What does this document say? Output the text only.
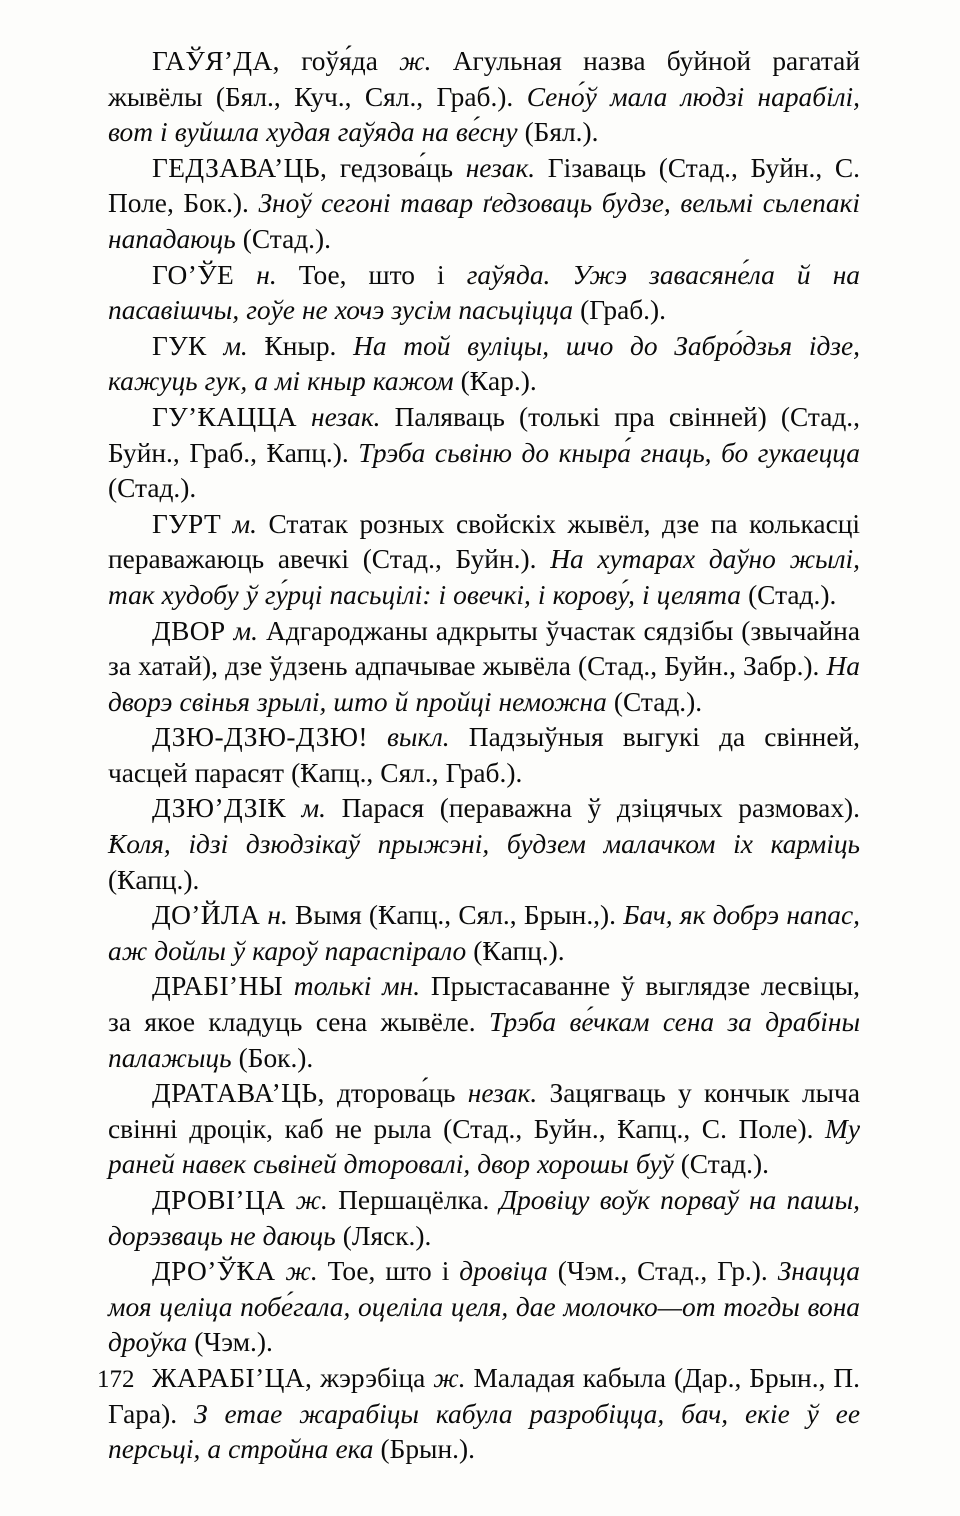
ГАЎЯ’ДА, гоўя́да ж. Агульная назва буйной рагатай жывёлы (Бял., Куч., Сял., Граб.). Сено́ў мала людзі нарабілі, вот і вуйшла худая гаўяда на ве́сну (Бял.).

ГЕДЗАВА’ЦЬ, гедзова́ць незак. Гізаваць (Стад., Буйн., С. Поле, Бок.). Зноў сегоні тавар ґедзоваць будзе, вельмі сьлепакі нападаюць (Стад.).

ГО’ЎЕ н. Тое, што і гаўяда. Ужэ завасяне́ла й на пасавішчы, гоўе не хочэ зусім пасьціцца (Граб.).

ГУК м. Ҟныр. На той вуліцы, шчо до Забро́дзья ідзе, кажуць гук, а мі кныр кажом (Ҟар.).

ГУ’ҞАЦЦА незак. Паляваць (толькі пра свінней) (Стад., Буйн., Граб., Ҟапц.). Трэба сьвіню до кныра́ гнаць, бо гукаецца (Стад.).

ГУРТ м. Статак розных свойскіх жывёл, дзе па колькасці пераважаюць авечкі (Стад., Буйн.). На хутарах даўно жылі, так худобу ў гу́рці пасьцілі: і овечкі, і корову́, і целята (Стад.).

ДВОР м. Адгароджаны адкрыты ўчастак сядзібы (звычайна за хатай), дзе ўдзень адпачывае жывёла (Стад., Буйн., Забр.). На дворэ свінья зрылі, што й пройці неможна (Стад.).

ДЗЮ-ДЗЮ-ДЗЮ! выкл. Падзыўныя выгукі да свінней, часцей парасят (Ҟапц., Сял., Граб.).

ДЗЮ’ДЗІҞ м. Парася (пераважна ў дзіцячых размовах). Ҟоля, ідзі дзюдзікаў прыжэні, будзем малачком іх карміць (Ҟапц.).

ДО’ЙЛА н. Вымя (Ҟапц., Сял., Брын.,). Бач, як добрэ напас, аж дойлы ў кароў параспірало (Ҟапц.).

ДРАБІ’НЫ толькі мн. Прыстасаванне ў выглядзе лесвіцы, за якое кладуць сена жывёле. Трэба ве́чкам сена за драбіны палажыць (Бок.).

ДРАТАВА’ЦЬ, дторова́ць незак. Зацягваць у кончык лыча свінні дроцік, каб не рыла (Стад., Буйн., Ҟапц., С. Поле). Му раней навек сьвіней дторовалі, двор хорошы буў (Стад.).

ДРОВІ’ЦА ж. Першацёлка. Дровіцу воўк порваў на пашы, дорэзваць не даюць (Ляск.).

ДРО’ЎҞА ж. Тое, што і дровіца (Чэм., Стад., Гр.). Знацца моя целіца побе́гала, оцеліла целя, дае молочко—от тогды вона дроўка (Чэм.).

ЖАРАБІ’ЦА, жэрэбіца ж. Маладая кабыла (Дар., Брын., П. Гара). З етае жарабіцы кабула разробіцца, бач, екіе ў ее персьці, а стройна ека (Брын.).

172
